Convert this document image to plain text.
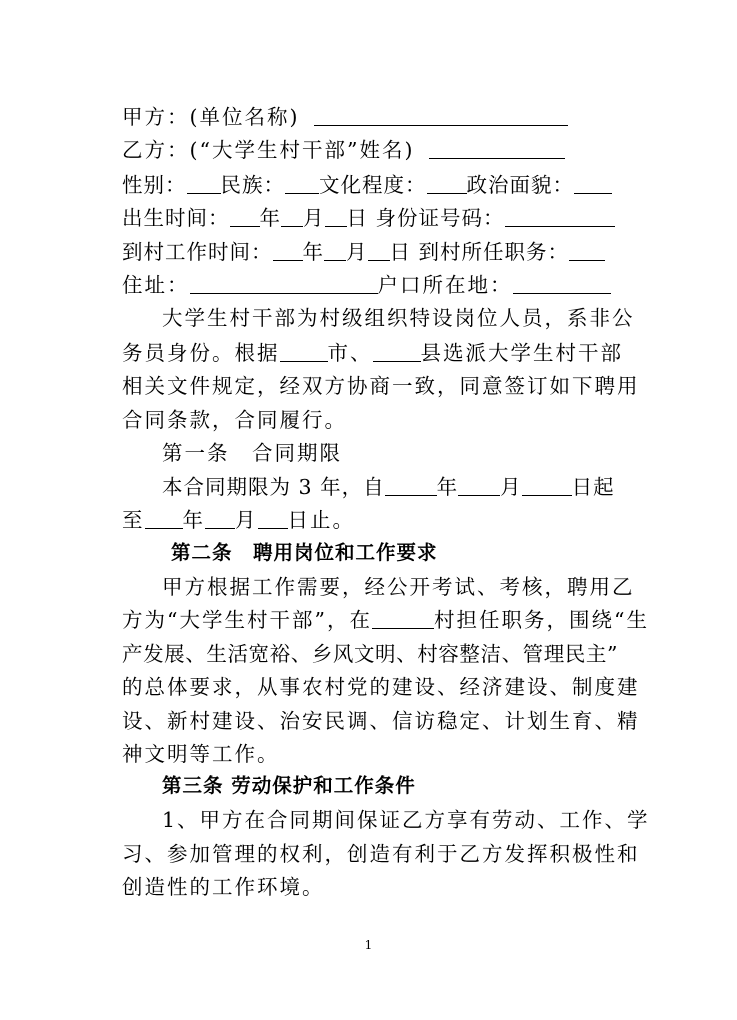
甲方：(单位名称)
乙方：(“大学生村干部”姓名)
性别： 民族： 文化程度： 政治面貌：
出生时间： 年 月 日 身份证号码：
到村工作时间： 年 月 日 到村所任职务：
住址：	户口所在地：
大学生村干部为村级组织特设岗位人员，系非公
务员身份。根据 市、 县选派大学生村干部
相关文件规定，经双方协商一致，同意签订如下聘用
合同条款，合同履行。
第一条　合同期限
本合同期限为 3 年，自	年 月 日起
至 年 月 日止。
第二条　聘用岗位和工作要求
甲方根据工作需要，经公开考试、考核，聘用乙
方为“大学生村干部”，在	村担任职务，围绕“生
产发展、生活宽裕、乡风文明、村容整洁、管理民主”
的总体要求，从事农村党的建设、经济建设、制度建
设、新村建设、治安民调、信访稳定、计划生育、精
神文明等工作。
第三条 劳动保护和工作条件
1、甲方在合同期间保证乙方享有劳动、工作、学
习、参加管理的权利，创造有利于乙方发挥积极性和
创造性的工作环境。
1
